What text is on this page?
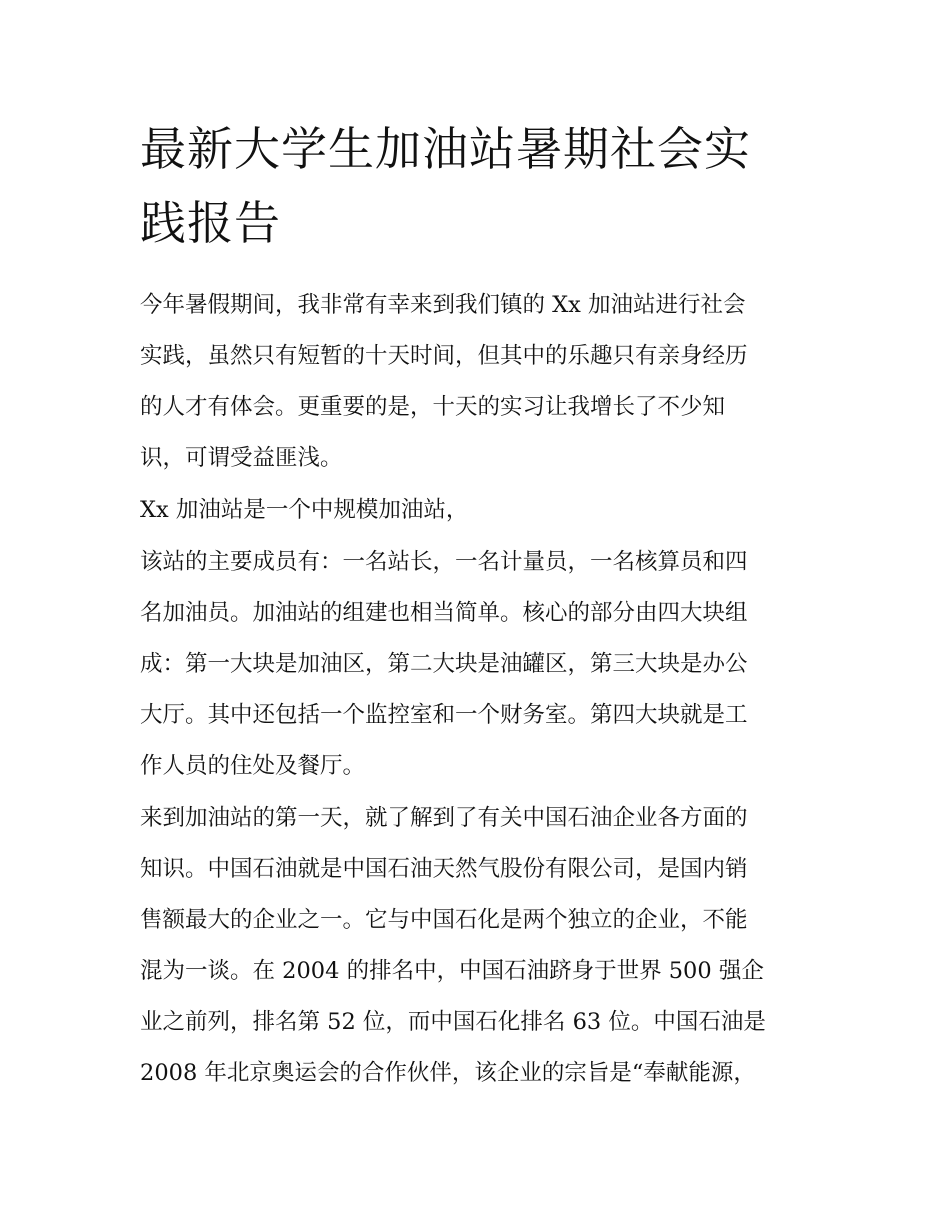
最新大学生加油站暑期社会实
践报告

今年暑假期间，我非常有幸来到我们镇的 Xx 加油站进行社会
实践，虽然只有短暂的十天时间，但其中的乐趣只有亲身经历
的人才有体会。更重要的是，十天的实习让我增长了不少知
识，可谓受益匪浅。

Xx 加油站是一个中规模加油站，

该站的主要成员有：一名站长，一名计量员，一名核算员和四
名加油员。加油站的组建也相当简单。核心的部分由四大块组
成：第一大块是加油区，第二大块是油罐区，第三大块是办公
大厅。其中还包括一个监控室和一个财务室。第四大块就是工
作人员的住处及餐厅。

来到加油站的第一天，就了解到了有关中国石油企业各方面的
知识。中国石油就是中国石油天然气股份有限公司，是国内销
售额最大的企业之一。它与中国石化是两个独立的企业，不能
混为一谈。在 2004 的排名中，中国石油跻身于世界 500 强企
业之前列，排名第 52 位，而中国石化排名 63 位。中国石油是
2008 年北京奥运会的合作伙伴，该企业的宗旨是“奉献能源，
